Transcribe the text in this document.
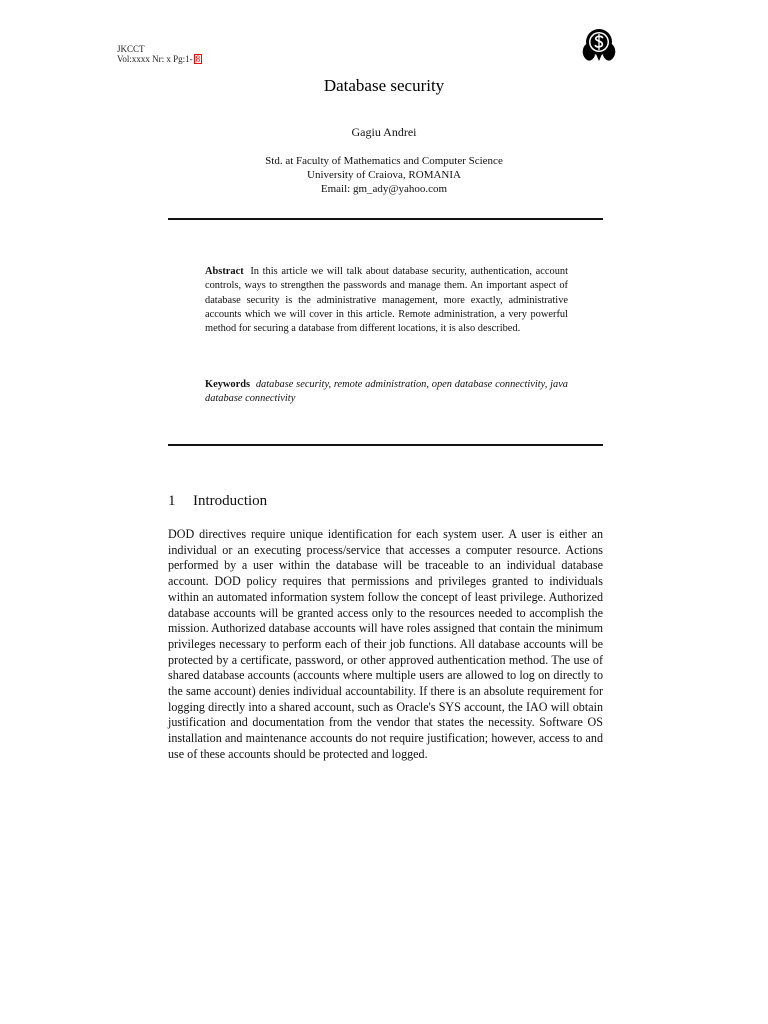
JKCCT
Vol:xxxx Nr: x Pg:1- 8
Database security
Gagiu Andrei
Std. at Faculty of Mathematics and Computer Science
University of Craiova, ROMANIA
Email: gm_ady@yahoo.com
Abstract In this article we will talk about database security, authentication, account controls, ways to strengthen the passwords and manage them. An important aspect of database security is the administrative management, more exactly, administrative accounts which we will cover in this article. Remote administration, a very powerful method for securing a database from different locations, it is also described.
Keywords database security, remote administration, open database connectivity, java database connectivity
1 Introduction
DOD directives require unique identification for each system user. A user is either an individual or an executing process/service that accesses a computer resource. Actions performed by a user within the database will be traceable to an individual database account. DOD policy requires that permissions and privileges granted to individuals within an automated information system follow the concept of least privilege. Authorized database accounts will be granted access only to the resources needed to accomplish the mission. Authorized database accounts will have roles assigned that contain the minimum privileges necessary to perform each of their job functions. All database accounts will be protected by a certificate, password, or other approved authentication method. The use of shared database accounts (accounts where multiple users are allowed to log on directly to the same account) denies individual accountability. If there is an absolute requirement for logging directly into a shared account, such as Oracle's SYS account, the IAO will obtain justification and documentation from the vendor that states the necessity. Software OS installation and maintenance accounts do not require justification; however, access to and use of these accounts should be protected and logged.
